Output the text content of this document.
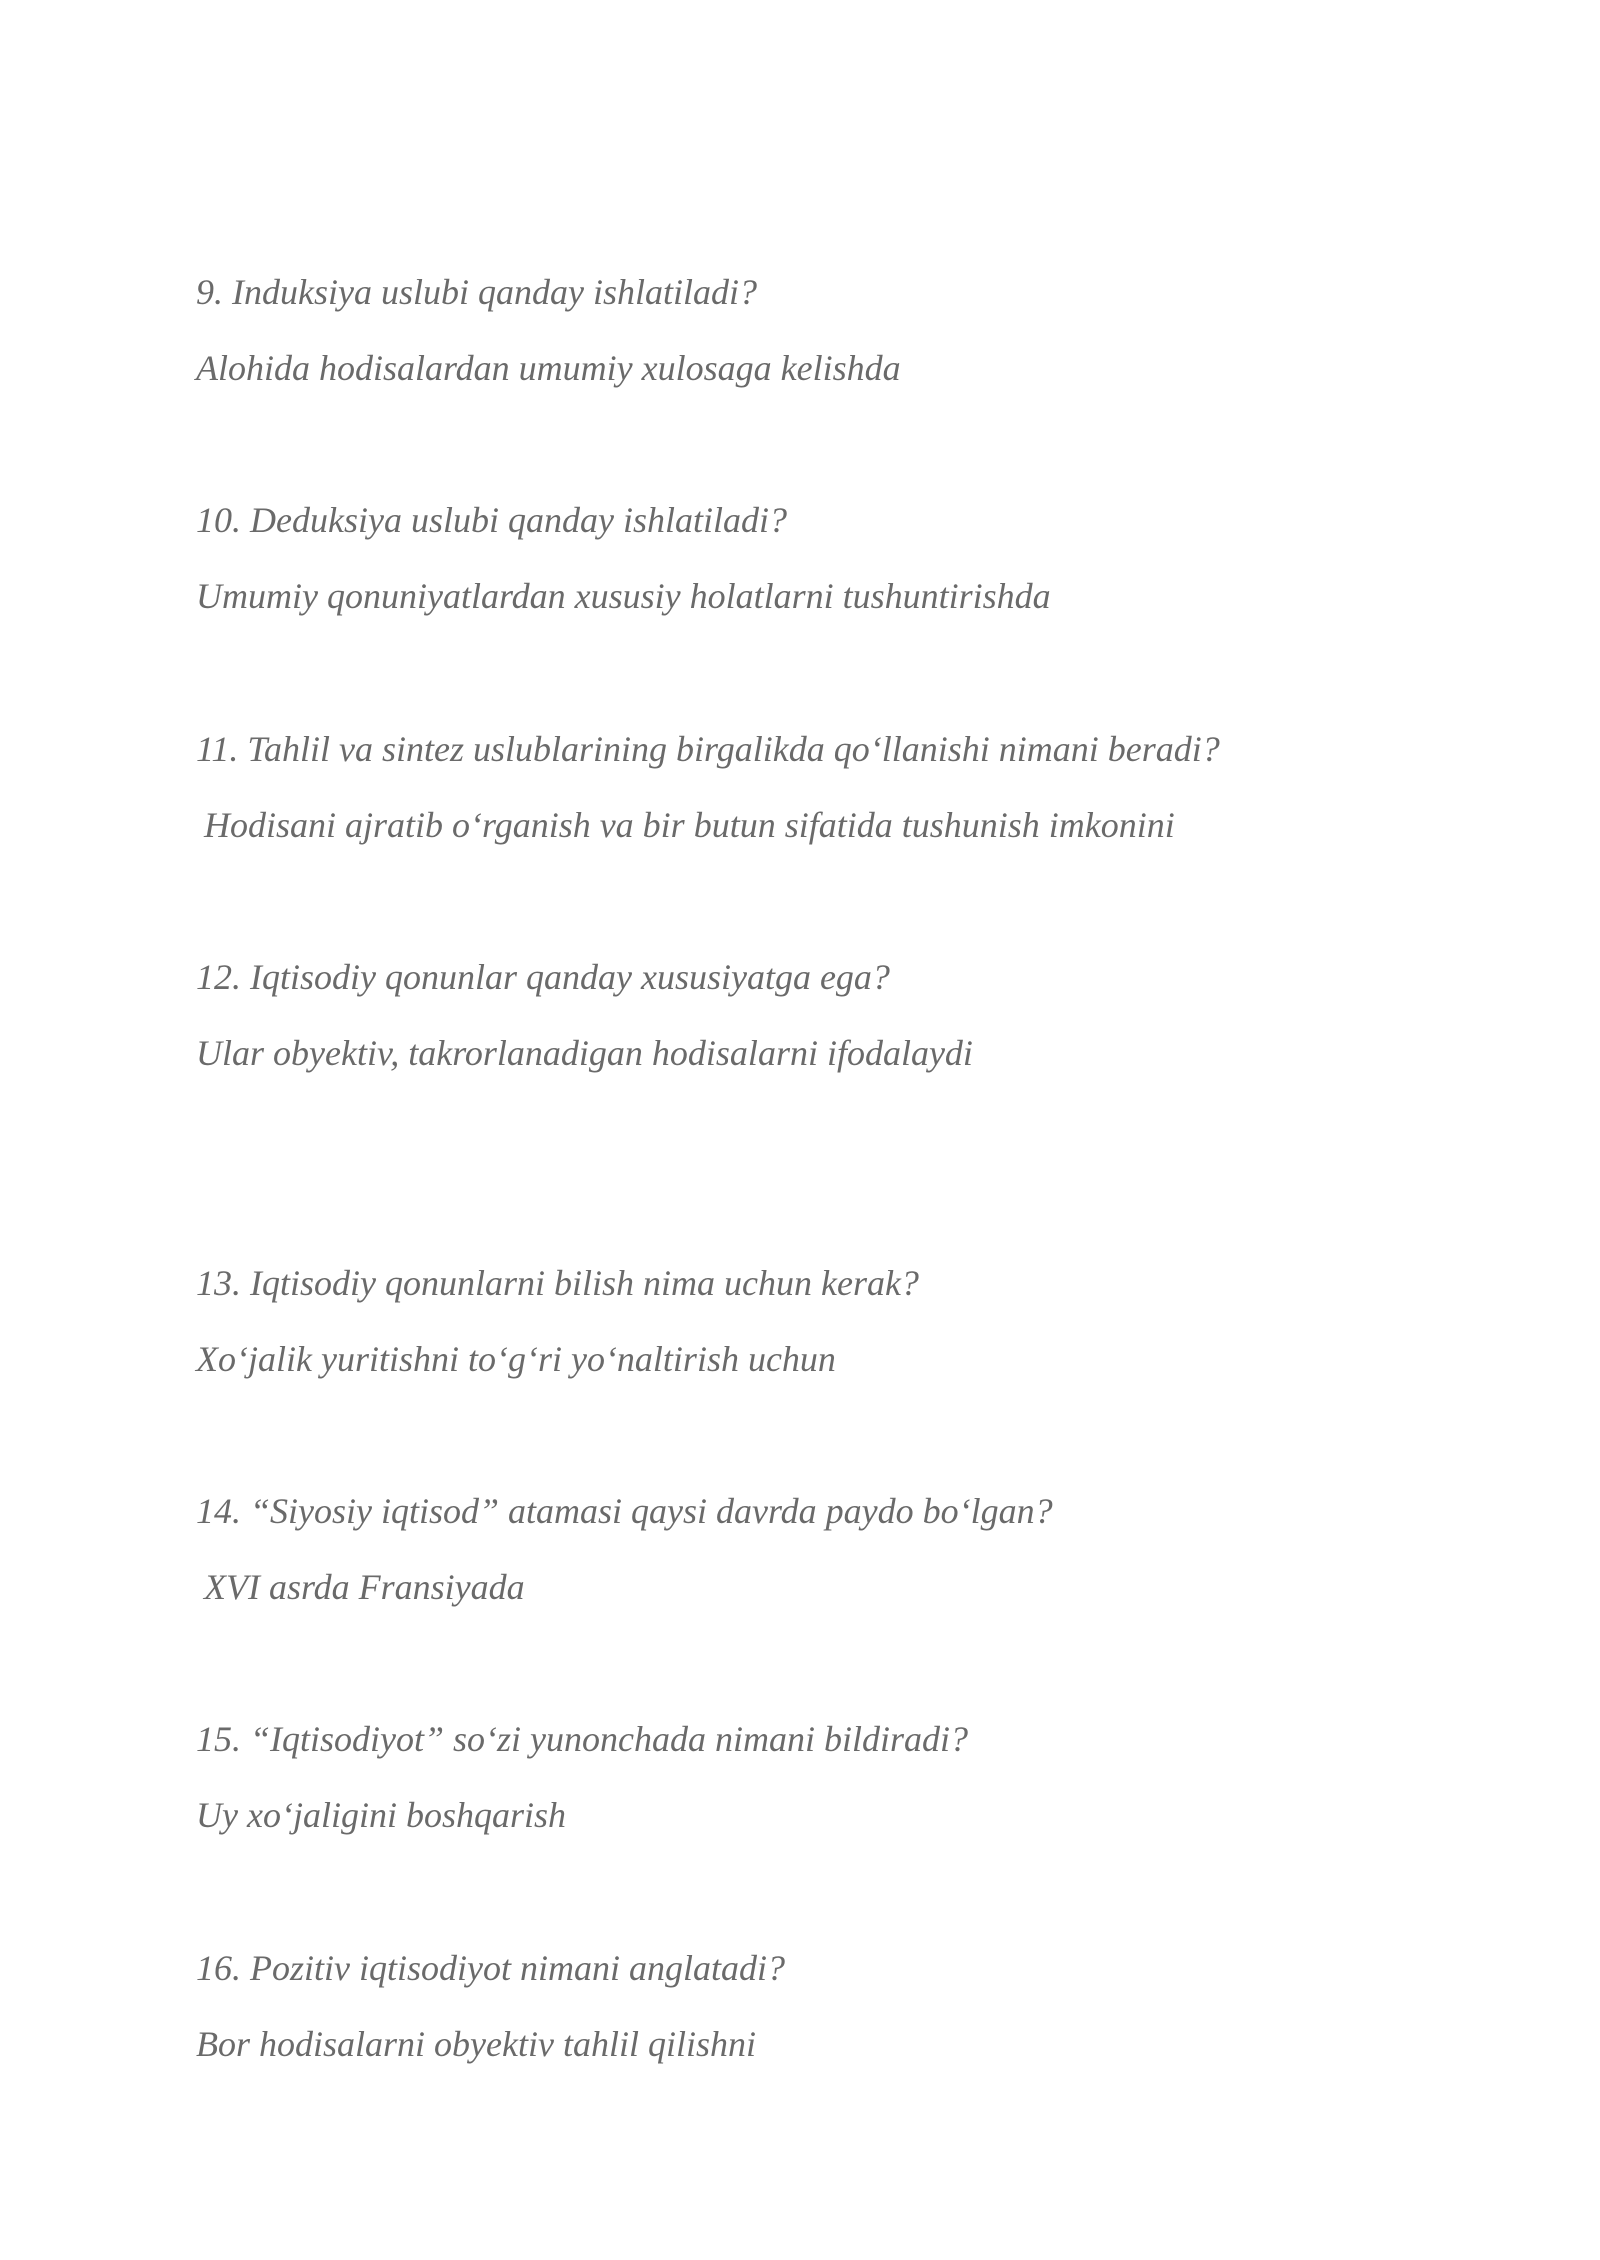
9. Induksiya uslubi qanday ishlatiladi?
Alohida hodisalardan umumiy xulosaga kelishda
10. Deduksiya uslubi qanday ishlatiladi?
Umumiy qonuniyatlardan xususiy holatlarni tushuntirishda
11. Tahlil va sintez uslublarining birgalikda qo‘llanishi nimani beradi?
Hodisani ajratib o‘rganish va bir butun sifatida tushunish imkonini
12. Iqtisodiy qonunlar qanday xususiyatga ega?
Ular obyektiv, takrorlanadigan hodisalarni ifodalaydi
13. Iqtisodiy qonunlarni bilish nima uchun kerak?
Xo‘jalik yuritishni to‘g‘ri yo‘naltirish uchun
14. “Siyosiy iqtisod” atamasi qaysi davrda paydo bo‘lgan?
XVI asrda Fransiyada
15. “Iqtisodiyot” so‘zi yunonchada nimani bildiradi?
Uy xo‘jaligini boshqarish
16. Pozitiv iqtisodiyot nimani anglatadi?
Bor hodisalarni obyektiv tahlil qilishni
